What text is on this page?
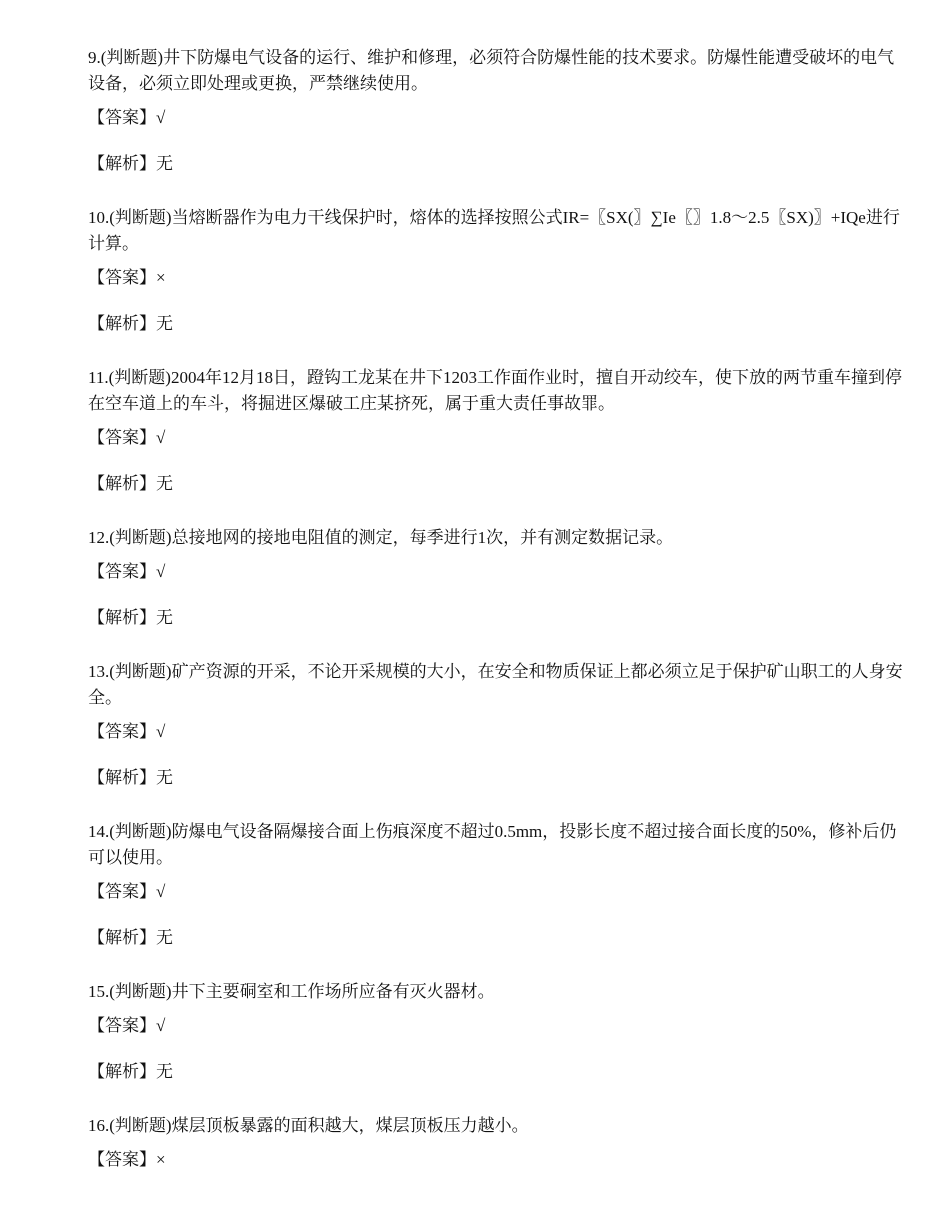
9.(判断题)井下防爆电气设备的运行、维护和修理，必须符合防爆性能的技术要求。防爆性能遭受破坏的电气设备，必须立即处理或更换，严禁继续使用。

【答案】√
【解析】无

10.(判断题)当熔断器作为电力干线保护时，熔体的选择按照公式IR=〖SX(〗∑Ie〖〗1.8～2.5〖SX)〗+IQe进行计算。

【答案】×
【解析】无

11.(判断题)2004年12月18日，蹬钩工龙某在井下1203工作面作业时，擅自开动绞车，使下放的两节重车撞到停在空车道上的车斗，将掘进区爆破工庄某挤死，属于重大责任事故罪。

【答案】√
【解析】无

12.(判断题)总接地网的接地电阻值的测定，每季进行1次，并有测定数据记录。

【答案】√
【解析】无

13.(判断题)矿产资源的开采，不论开采规模的大小，在安全和物质保证上都必须立足于保护矿山职工的人身安全。

【答案】√
【解析】无

14.(判断题)防爆电气设备隔爆接合面上伤痕深度不超过0.5mm，投影长度不超过接合面长度的50%，修补后仍可以使用。

【答案】√
【解析】无

15.(判断题)井下主要硐室和工作场所应备有灭火器材。

【答案】√
【解析】无

16.(判断题)煤层顶板暴露的面积越大，煤层顶板压力越小。

【答案】×
